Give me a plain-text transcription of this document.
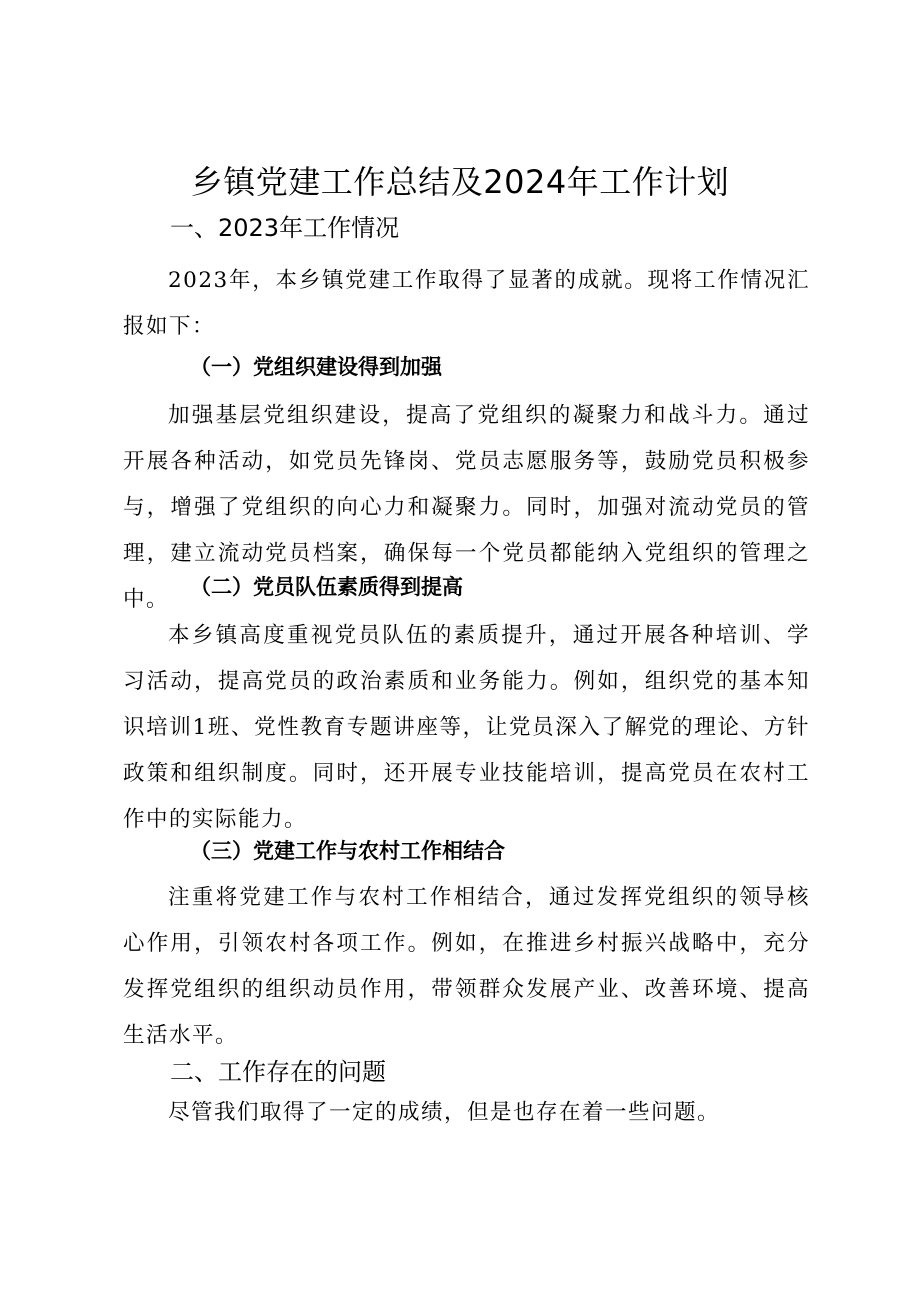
乡镇党建工作总结及2024年工作计划
一、2023年工作情况

2023年，本乡镇党建工作取得了显著的成就。现将工作情况汇报如下：

（一）党组织建设得到加强

加强基层党组织建设，提高了党组织的凝聚力和战斗力。通过开展各种活动，如党员先锋岗、党员志愿服务等，鼓励党员积极参与，增强了党组织的向心力和凝聚力。同时，加强对流动党员的管理，建立流动党员档案，确保每一个党员都能纳入党组织的管理之中。 （二）党员队伍素质得到提高

本乡镇高度重视党员队伍的素质提升，通过开展各种培训、学习活动，提高党员的政治素质和业务能力。例如，组织党的基本知识培训1班、党性教育专题讲座等，让党员深入了解党的理论、方针政策和组织制度。同时，还开展专业技能培训，提高党员在农村工作中的实际能力。

（三）党建工作与农村工作相结合

注重将党建工作与农村工作相结合，通过发挥党组织的领导核心作用，引领农村各项工作。例如，在推进乡村振兴战略中，充分发挥党组织的组织动员作用，带领群众发展产业、改善环境、提高生活水平。

二、工作存在的问题

尽管我们取得了一定的成绩，但是也存在着一些问题。
